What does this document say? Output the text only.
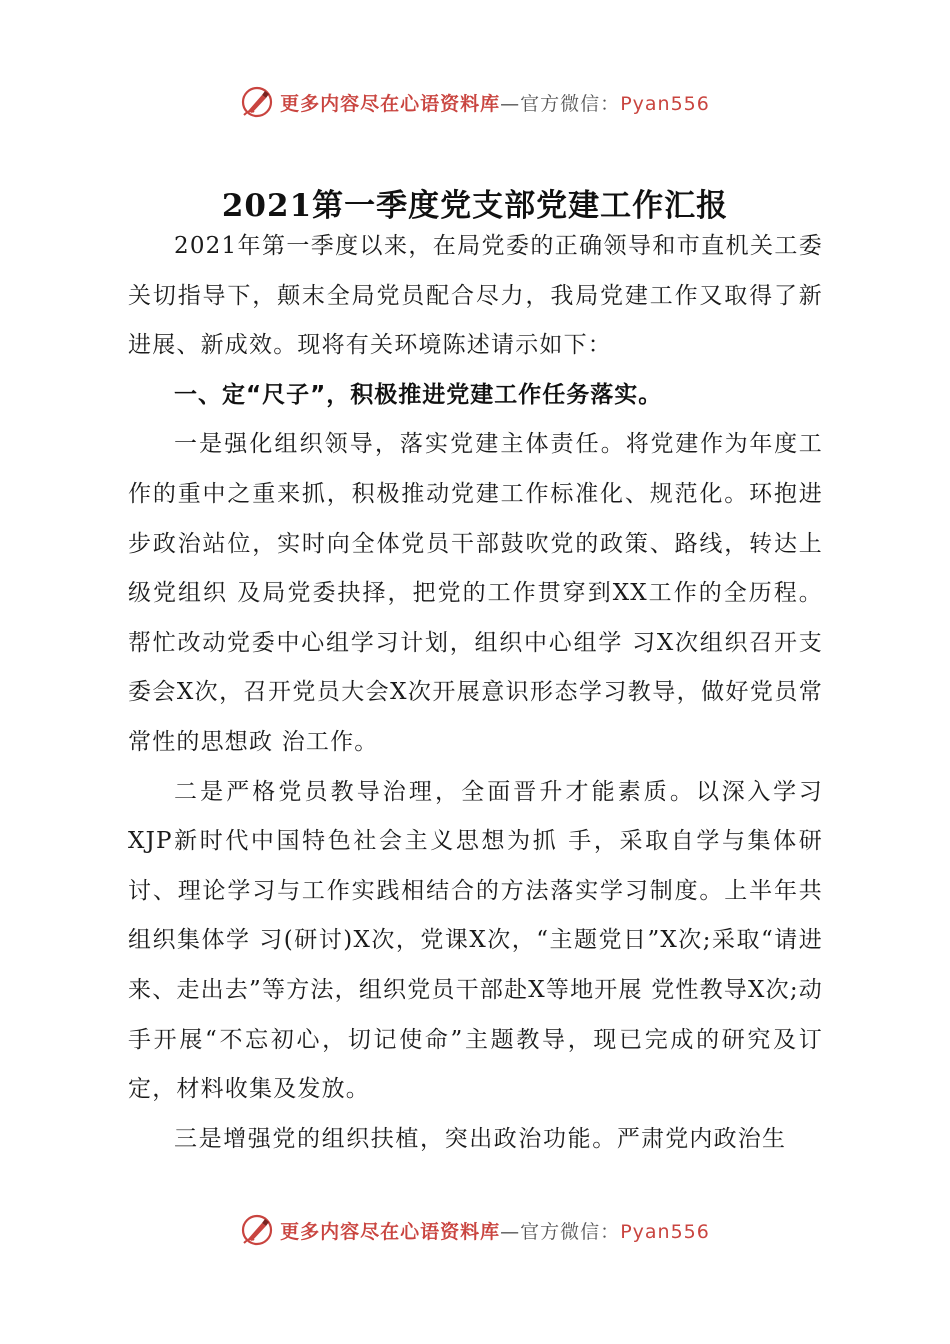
更多内容尽在心语资料库—官方微信：Pyan556
2021第一季度党支部党建工作汇报

2021年第一季度以来，在局党委的正确领导和市直机关工委关切指导下，颠末全局党员配合尽力，我局党建工作又取得了新进展、新成效。现将有关环境陈述请示如下：

一、定“尺子”，积极推进党建工作任务落实。

一是强化组织领导，落实党建主体责任。将党建作为年度工作的重中之重来抓，积极推动党建工作标准化、规范化。环抱进步政治站位，实时向全体党员干部鼓吹党的政策、路线，转达上级党组织 及局党委抉择，把党的工作贯穿到XX工作的全历程。帮忙改动党委中心组学习计划，组织中心组学 习X次组织召开支委会X次，召开党员大会X次开展意识形态学习教导，做好党员常常性的思想政 治工作。

二是严格党员教导治理，全面晋升才能素质。以深入学习XJP新时代中国特色社会主义思想为抓 手，采取自学与集体研讨、理论学习与工作实践相结合的方法落实学习制度。上半年共组织集体学 习(研讨)X次，党课X次，“主题党日”X次;采取“请进来、走出去”等方法，组织党员干部赴X等地开展 党性教导X次;动手开展“不忘初心，切记使命”主题教导，现已完成的研究及订定，材料收集及发放。

三是增强党的组织扶植，突出政治功能。严肃党内政治生

更多内容尽在心语资料库—官方微信：Pyan556
